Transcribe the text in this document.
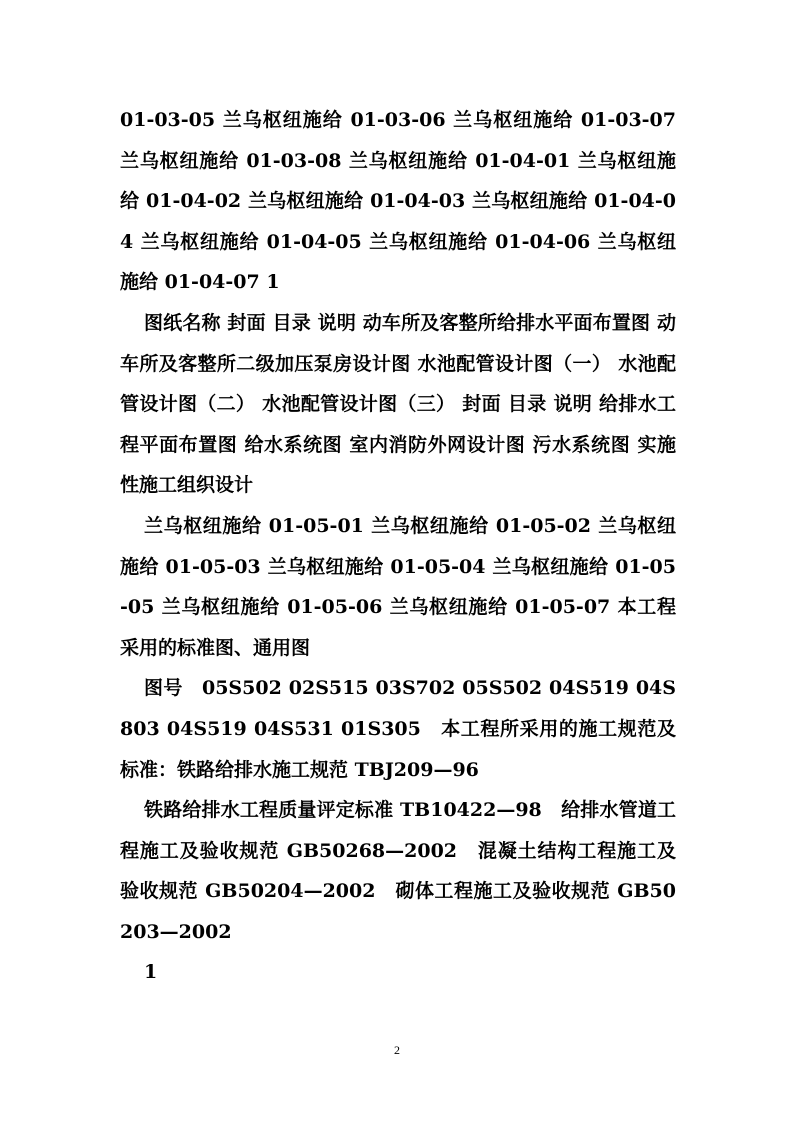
01-03-05 兰乌枢纽施给 01-03-06 兰乌枢纽施给 01-03-07 兰乌枢纽施给 01-03-08 兰乌枢纽施给 01-04-01 兰乌枢纽施给 01-04-02 兰乌枢纽施给 01-04-03 兰乌枢纽施给 01-04-04 兰乌枢纽施给 01-04-05 兰乌枢纽施给 01-04-06 兰乌枢纽施给 01-04-07 1

图纸名称 封面 目录 说明 动车所及客整所给排水平面布置图 动车所及客整所二级加压泵房设计图 水池配管设计图（一） 水池配管设计图（二） 水池配管设计图（三） 封面 目录 说明 给排水工程平面布置图 给水系统图 室内消防外网设计图 污水系统图 实施性施工组织设计

兰乌枢纽施给 01-05-01 兰乌枢纽施给 01-05-02 兰乌枢纽施给 01-05-03 兰乌枢纽施给 01-05-04 兰乌枢纽施给 01-05-05 兰乌枢纽施给 01-05-06 兰乌枢纽施给 01-05-07 本工程采用的标准图、通用图

图号　05S502 02S515 03S702 05S502 04S519 04S803 04S519 04S531 01S305　本工程所采用的施工规范及标准：铁路给排水施工规范 TBJ209—96

铁路给排水工程质量评定标准 TB10422—98　给排水管道工程施工及验收规范 GB50268—2002　混凝土结构工程施工及验收规范 GB50204—2002　砌体工程施工及验收规范 GB50203—2002

1

2
